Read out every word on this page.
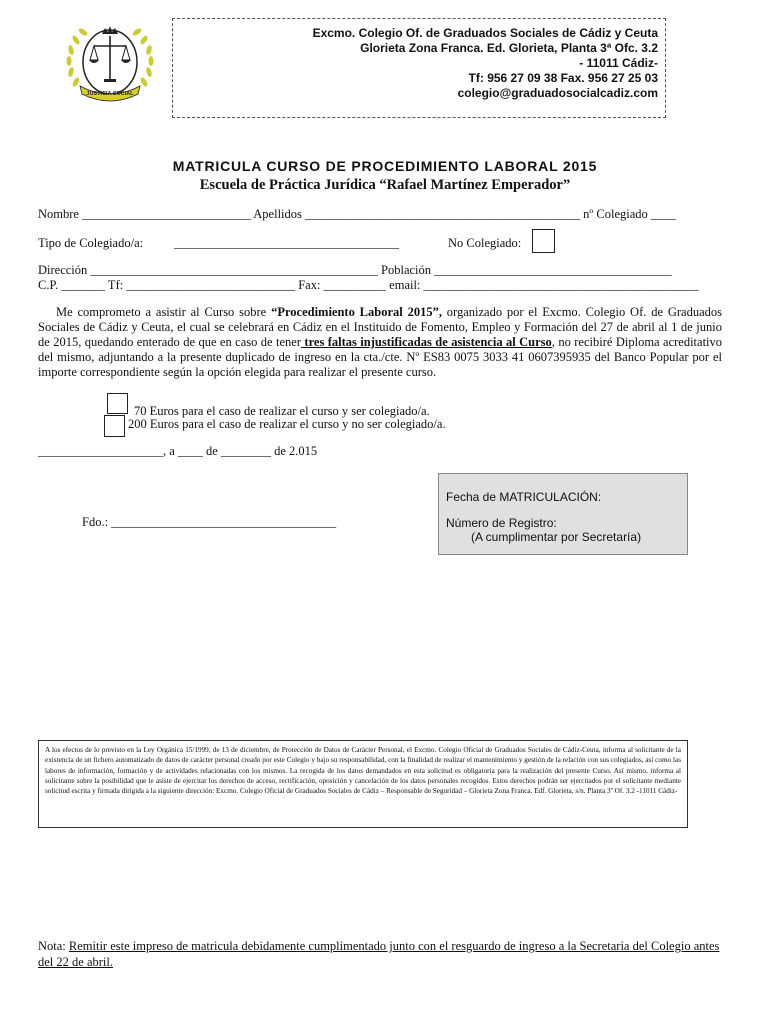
Excmo. Colegio Of. de Graduados Sociales de Cádiz y Ceuta
Glorieta Zona Franca. Ed. Glorieta, Planta 3ª Ofc. 3.2
- 11011 Cádiz-
Tf: 956 27 09 38 Fax. 956 27 25 03
colegio@graduadosocialcadiz.com
JUSTICIA SOCIAL
MATRICULA CURSO DE PROCEDIMIENTO LABORAL 2015
Escuela de Práctica Jurídica “Rafael Martínez Emperador”
Nombre ___________________________ Apellidos ____________________________________________ nº Colegiado ____
Tipo de Colegiado/a: ____________________________________	No Colegiado:
Dirección ______________________________________________ Población ______________________________________
C.P. _______ Tf: ___________________________ Fax: __________ email: ____________________________________________
Me comprometo a asistir al Curso sobre “Procedimiento Laboral 2015”, organizado por el Excmo. Colegio Of. de Graduados Sociales de Cádiz y Ceuta, el cual se celebrará en Cádiz en el Instituido de Fomento, Empleo y Formación del 27 de abril al 1 de junio de 2015, quedando enterado de que en caso de tener tres faltas injustificadas de asistencia al Curso, no recibiré Diploma acreditativo del mismo, adjuntando a la presente duplicado de ingreso en la cta./cte. Nº ES83 0075 3033 41 0607395935 del Banco Popular por el importe correspondiente según la opción elegida para realizar el presente curso.
70 Euros para el caso de realizar el curso y ser colegiado/a.
200 Euros para el caso de realizar el curso y no ser colegiado/a.
____________________, a ____ de ________ de 2.015
Fdo.: ____________________________________
Fecha de MATRICULACIÓN:
Número de Registro:
(A cumplimentar por Secretaría)
A los efectos de lo previsto en la Ley Orgánica 15/1999, de 13 de diciembre, de Protección de Datos de Carácter Personal, el Excmo. Colegio Oficial de Graduados Sociales de Cádiz-Ceuta, informa al solicitante de la existencia de un fichero automatizado de datos de carácter personal creado por este Colegio y bajo su responsabilidad, con la finalidad de realizar el mantenimiento y gestión de la relación con sus colegiados, así como las labores de información, formación y de actividades relacionadas con los mismos. La recogida de los datos demandados en esta solicitud es obligatoria para la realización del presente Curso. Así mismo, informa al solicitante sobre la posibilidad que le asiste de ejercitar los derechos de acceso, rectificación, oposición y cancelación de los datos personales recogidos. Estos derechos podrán ser ejercitados por el solicitante mediante solicitud escrita y firmada dirigida a la siguiente dirección: Excmo. Colegio Oficial de Graduados Sociales de Cádiz – Responsable de Seguridad – Glorieta Zona Franca. Edf. Glorieta, s/n. Planta 3º Of. 3.2 -11011 Cádiz-
Nota: Remitir este impreso de matricula debidamente cumplimentado junto con el resguardo de ingreso a la Secretaria del Colegio antes del 22 de abril.
